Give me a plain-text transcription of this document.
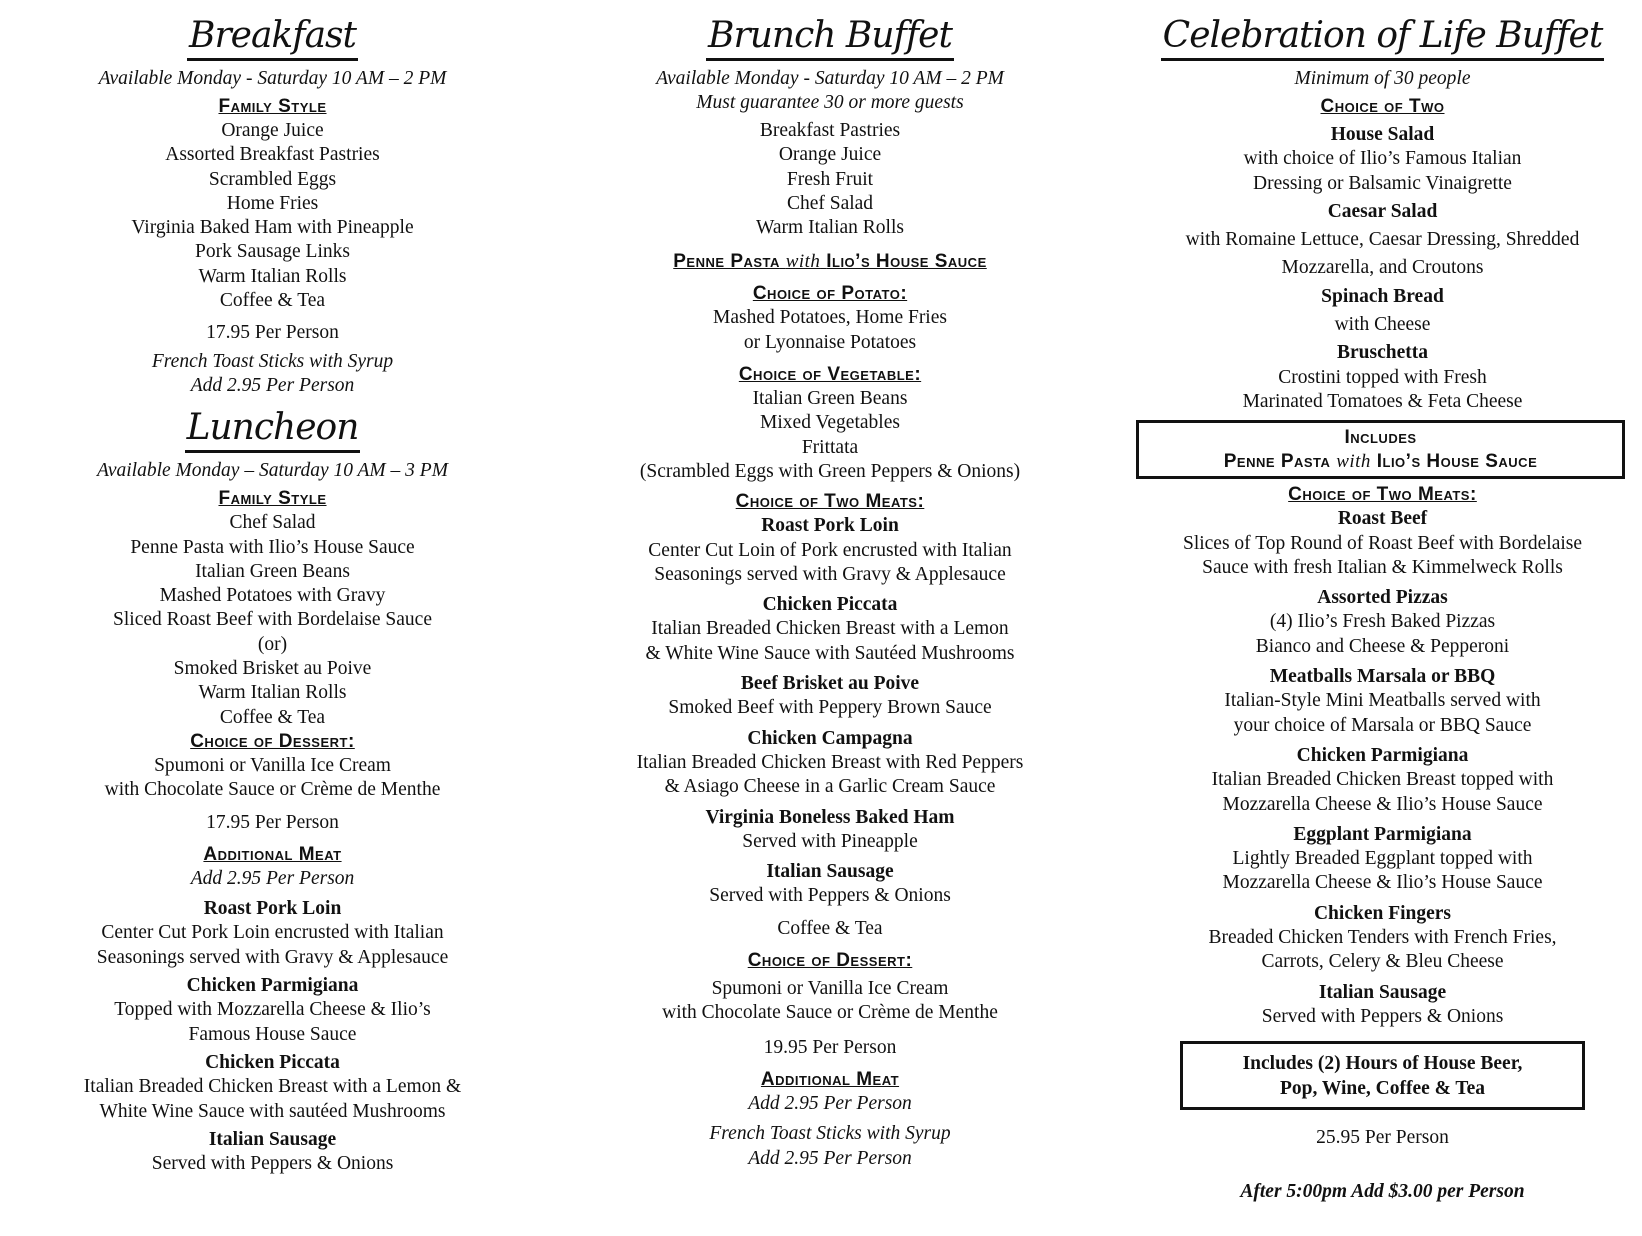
Breakfast
Available Monday - Saturday 10 AM – 2 PM
Family Style
Orange Juice
Assorted Breakfast Pastries
Scrambled Eggs
Home Fries
Virginia Baked Ham with Pineapple
Pork Sausage Links
Warm Italian Rolls
Coffee & Tea
17.95 Per Person
French Toast Sticks with Syrup
Add 2.95 Per Person
Luncheon
Available Monday – Saturday 10 AM – 3 PM
Family Style
Chef Salad
Penne Pasta with Ilio’s House Sauce
Italian Green Beans
Mashed Potatoes with Gravy
Sliced Roast Beef with Bordelaise Sauce
(or)
Smoked Brisket au Poive
Warm Italian Rolls
Coffee & Tea
Choice of Dessert:
Spumoni or Vanilla Ice Cream
with Chocolate Sauce or Crème de Menthe
17.95 Per Person
Additional Meat
Add 2.95 Per Person
Roast Pork Loin
Center Cut Pork Loin encrusted with Italian
Seasonings served with Gravy & Applesauce
Chicken Parmigiana
Topped with Mozzarella Cheese & Ilio’s
Famous House Sauce
Chicken Piccata
Italian Breaded Chicken Breast with a Lemon &
White Wine Sauce with sautéed Mushrooms
Italian Sausage
Served with Peppers & Onions
Brunch Buffet
Available Monday - Saturday 10 AM – 2 PM
Must guarantee 30 or more guests
Breakfast Pastries
Orange Juice
Fresh Fruit
Chef Salad
Warm Italian Rolls
Penne Pasta with Ilio’s House Sauce
Choice of Potato:
Mashed Potatoes, Home Fries
or Lyonnaise Potatoes
Choice of Vegetable:
Italian Green Beans
Mixed Vegetables
Frittata
(Scrambled Eggs with Green Peppers & Onions)
Choice of Two Meats:
Roast Pork Loin
Center Cut Loin of Pork encrusted with Italian
Seasonings served with Gravy & Applesauce
Chicken Piccata
Italian Breaded Chicken Breast with a Lemon
& White Wine Sauce with Sautéed Mushrooms
Beef Brisket au Poive
Smoked Beef with Peppery Brown Sauce
Chicken Campagna
Italian Breaded Chicken Breast with Red Peppers
& Asiago Cheese in a Garlic Cream Sauce
Virginia Boneless Baked Ham
Served with Pineapple
Italian Sausage
Served with Peppers & Onions
Coffee & Tea
Choice of Dessert:
Spumoni or Vanilla Ice Cream
with Chocolate Sauce or Crème de Menthe
19.95 Per Person
Additional Meat
Add 2.95 Per Person
French Toast Sticks with Syrup
Add 2.95 Per Person
Celebration of Life Buffet
Minimum of 30 people
Choice of Two
House Salad
with choice of Ilio’s Famous Italian
Dressing or Balsamic Vinaigrette
Caesar Salad
with Romaine Lettuce, Caesar Dressing, Shredded
Mozzarella, and Croutons
Spinach Bread
with Cheese
Bruschetta
Crostini topped with Fresh
Marinated Tomatoes & Feta Cheese
Includes
Penne Pasta with Ilio’s House Sauce
Choice of Two Meats:
Roast Beef
Slices of Top Round of Roast Beef with Bordelaise
Sauce with fresh Italian & Kimmelweck Rolls
Assorted Pizzas
(4) Ilio’s Fresh Baked Pizzas
Bianco and Cheese & Pepperoni
Meatballs Marsala or BBQ
Italian-Style Mini Meatballs served with
your choice of Marsala or BBQ Sauce
Chicken Parmigiana
Italian Breaded Chicken Breast topped with
Mozzarella Cheese & Ilio’s House Sauce
Eggplant Parmigiana
Lightly Breaded Eggplant topped with
Mozzarella Cheese & Ilio’s House Sauce
Chicken Fingers
Breaded Chicken Tenders with French Fries,
Carrots, Celery & Bleu Cheese
Italian Sausage
Served with Peppers & Onions
Includes (2) Hours of House Beer,
Pop, Wine, Coffee & Tea
25.95 Per Person
After 5:00pm Add $3.00 per Person
